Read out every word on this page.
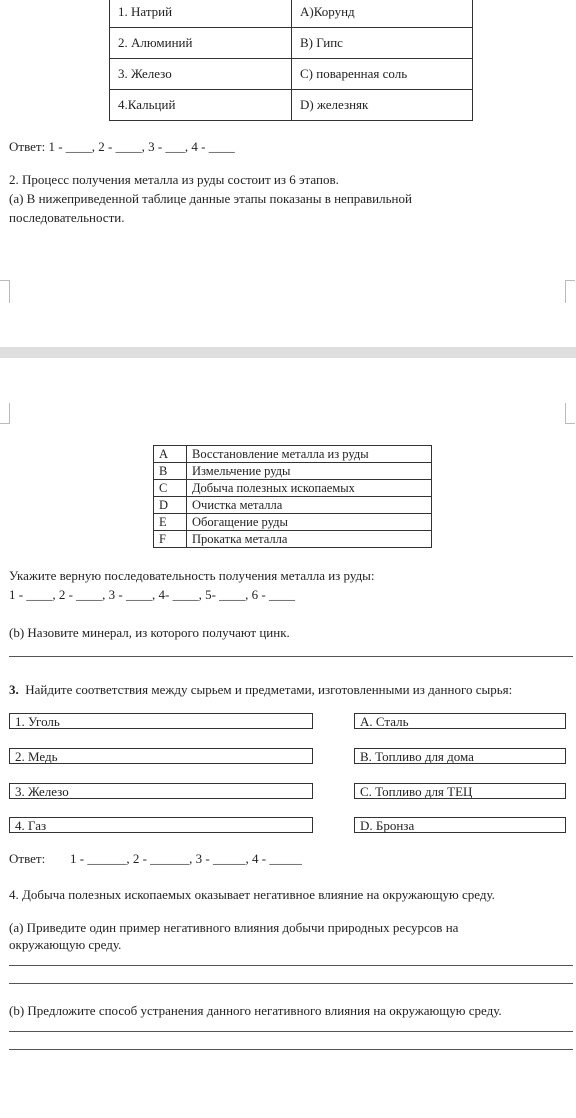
1. Натрий	A)Корунд
2. Алюминий	B) Гипс
3. Железо	C) поваренная соль
4.Кальций	D) железняк
Ответ: 1 - ____, 2 - ____, 3 - ___, 4 - ____
2. Процесс получения металла из руды состоит из 6 этапов.
(a) В нижеприведенной таблице данные этапы показаны в неправильной
последовательности.
A	Восстановление металла из руды
B	Измельчение руды
C	Добыча полезных ископаемых
D	Очистка металла
E	Обогащение руды
F	Прокатка металла
Укажите верную последовательность получения металла из руды:
1 - ____, 2 - ____, 3 - ____, 4- ____, 5- ____, 6 - ____
(b) Назовите минерал, из которого получают цинк.
3. Найдите соответствия между сырьем и предметами, изготовленными из данного сырья:
1. Уголь
2. Медь
3. Железо
4. Газ
A. Сталь
B. Топливо для дома
C. Топливо для ТЕЦ
D. Бронза
Ответ: 1 - ______, 2 - ______, 3 - _____, 4 - _____
4. Добыча полезных ископаемых оказывает негативное влияние на окружающую среду.
(a) Приведите один пример негативного влияния добычи природных ресурсов на
окружающую среду.
(b) Предложите способ устранения данного негативного влияния на окружающую среду.
